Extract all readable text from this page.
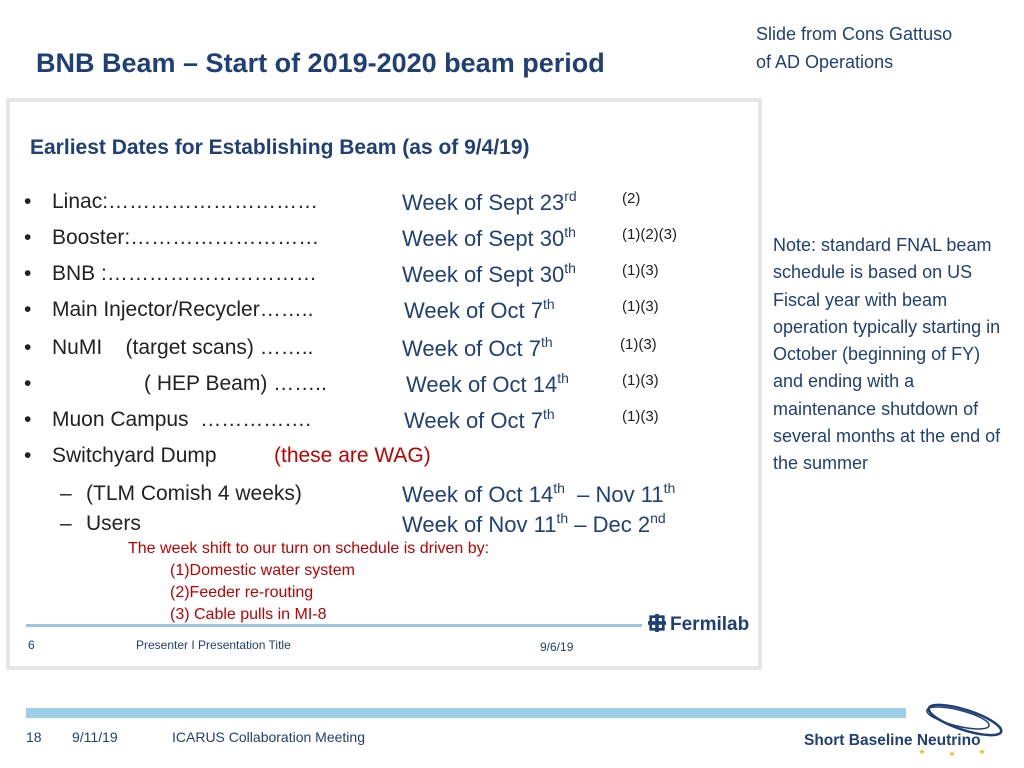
BNB Beam – Start of 2019-2020 beam period
Slide from Cons Gattuso
of AD Operations
Earliest Dates for Establishing Beam (as of 9/4/19)
• Linac:…………………………	Week of Sept 23rd	(2)
• Booster:………………………	Week of Sept 30th	(1)(2)(3)
• BNB :…………………………	Week of Sept 30th	(1)(3)
• Main Injector/Recycler……..	Week of Oct 7th	(1)(3)
• NuMI    (target scans) ……..	Week of Oct 7th	(1)(3)
•	( HEP Beam) ……..	Week of Oct 14th	(1)(3)
• Muon Campus  …………….	Week of Oct 7th	(1)(3)
• Switchyard Dump	(these are WAG)
– (TLM Comish 4 weeks)	Week of Oct 14th  – Nov 11th
– Users	Week of Nov 11th – Dec 2nd
The week shift to our turn on schedule is driven by:
(1)Domestic water system
(2)Feeder re-routing
(3) Cable pulls in MI-8	Fermilab
6	Presenter I Presentation Title	9/6/19
Note: standard FNAL beam schedule is based on US Fiscal year with beam operation typically starting in October (beginning of FY) and ending with a maintenance shutdown of several months at the end of the summer
18 9/11/19	ICARUS Collaboration Meeting	Short Baseline Neutrino
